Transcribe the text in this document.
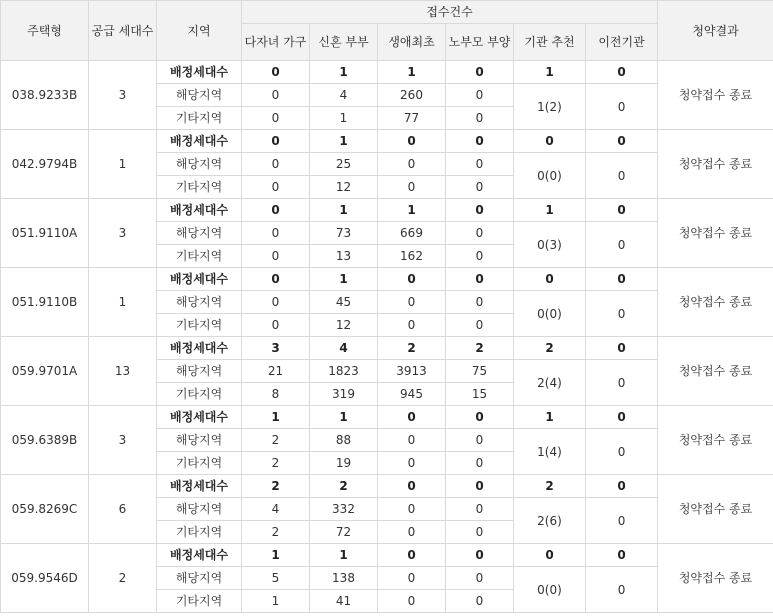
주택형	공급 세대수	지역	접수건수						청약결과
			다자녀 가구	신혼 부부	생애최초	노부모 부양	기관 추천	이전기관	
038.9233B	3	배정세대수	0	1	1	0	1	0	청약접수 종료
		해당지역	0	4	260	0	1(2)	0	
		기타지역	0	1	77	0			
042.9794B	1	배정세대수	0	1	0	0	0	0	청약접수 종료
		해당지역	0	25	0	0	0(0)	0	
		기타지역	0	12	0	0			
051.9110A	3	배정세대수	0	1	1	0	1	0	청약접수 종료
		해당지역	0	73	669	0	0(3)	0	
		기타지역	0	13	162	0			
051.9110B	1	배정세대수	0	1	0	0	0	0	청약접수 종료
		해당지역	0	45	0	0	0(0)	0	
		기타지역	0	12	0	0			
059.9701A	13	배정세대수	3	4	2	2	2	0	청약접수 종료
		해당지역	21	1823	3913	75	2(4)	0	
		기타지역	8	319	945	15			
059.6389B	3	배정세대수	1	1	0	0	1	0	청약접수 종료
		해당지역	2	88	0	0	1(4)	0	
		기타지역	2	19	0	0			
059.8269C	6	배정세대수	2	2	0	0	2	0	청약접수 종료
		해당지역	4	332	0	0	2(6)	0	
		기타지역	2	72	0	0			
059.9546D	2	배정세대수	1	1	0	0	0	0	청약접수 종료
		해당지역	5	138	0	0	0(0)	0	
		기타지역	1	41	0	0			
